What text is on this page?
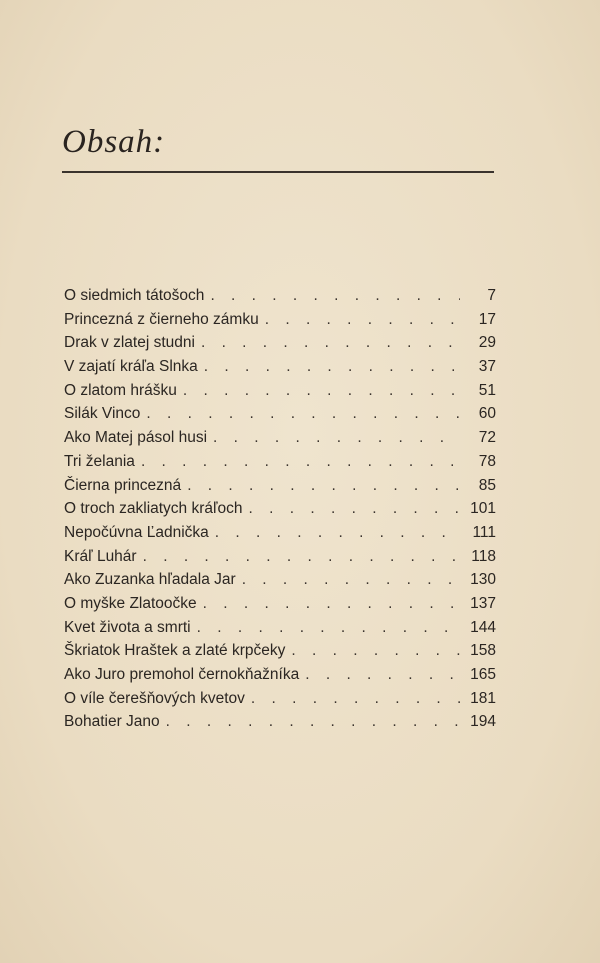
Obsah:
O siedmich tátošoch . . .	7
Princezná z čierneho zámku . . .	17
Drak v zlatej studni . . .	29
V zajatí kráľa Slnka . . .	37
O zlatom hrášku . . .	51
Silák Vinco . . .	60
Ako Matej pásol husi . . .	72
Tri želania . . .	78
Čierna princezná . . .	85
O troch zakliatych kráľoch . . .	101
Nepočúvna Ľadnička . . .	111
Kráľ Luhár . . .	118
Ako Zuzanka hľadala Jar . . .	130
O myške Zlatoočke . . .	137
Kvet života a smrti . . .	144
Škriatok Hraštek a zlaté krpčeky . . .	158
Ako Juro premohol černokňažníka . . .	165
O víle čerešňových kvetov . . .	181
Bohatier Jano . . .	194
